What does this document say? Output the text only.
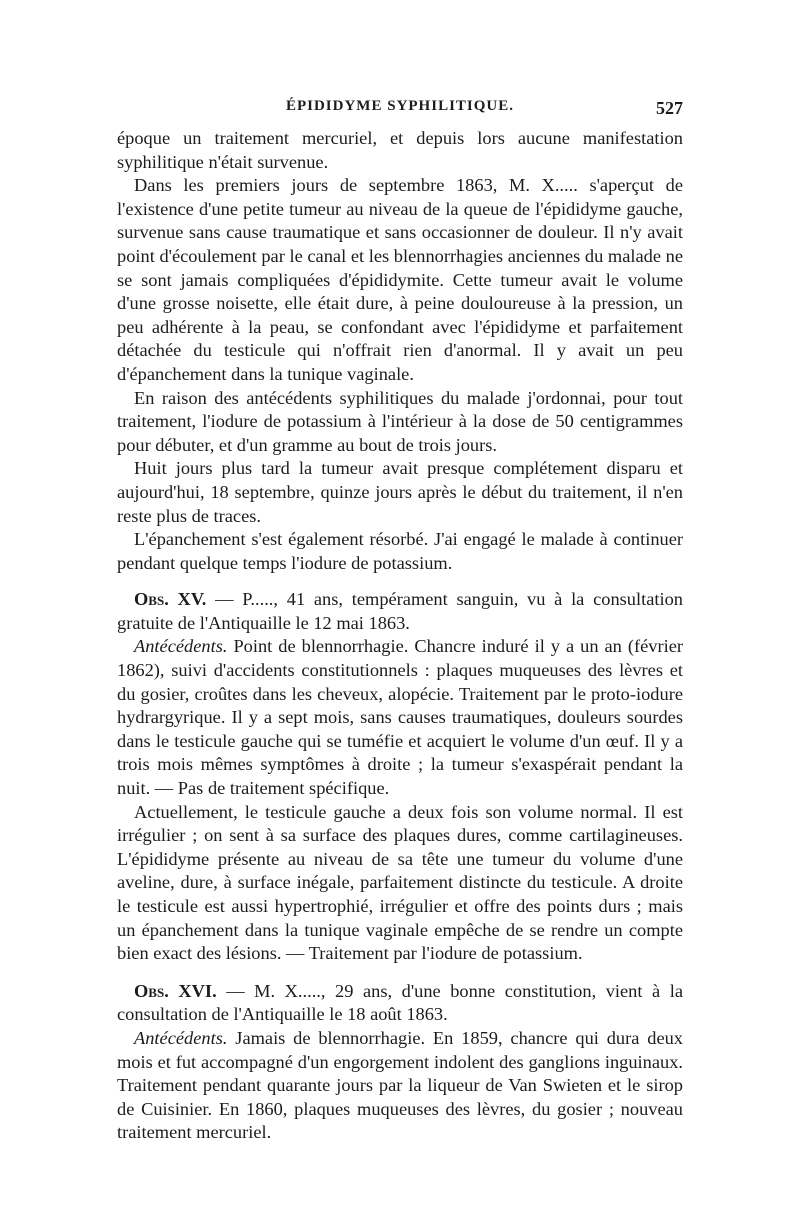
ÉPIDIDYME SYPHILITIQUE.	527

époque un traitement mercuriel, et depuis lors aucune manifestation syphilitique n'était survenue.

Dans les premiers jours de septembre 1863, M. X..... s'aperçut de l'existence d'une petite tumeur au niveau de la queue de l'épididyme gauche, survenue sans cause traumatique et sans occasionner de douleur. Il n'y avait point d'écoulement par le canal et les blennorrhagies anciennes du malade ne se sont jamais compliquées d'épididymite. Cette tumeur avait le volume d'une grosse noisette, elle était dure, à peine douloureuse à la pression, un peu adhérente à la peau, se confondant avec l'épididyme et parfaitement détachée du testicule qui n'offrait rien d'anormal. Il y avait un peu d'épanchement dans la tunique vaginale.

En raison des antécédents syphilitiques du malade j'ordonnai, pour tout traitement, l'iodure de potassium à l'intérieur à la dose de 50 centigrammes pour débuter, et d'un gramme au bout de trois jours.

Huit jours plus tard la tumeur avait presque complétement disparu et aujourd'hui, 18 septembre, quinze jours après le début du traitement, il n'en reste plus de traces.

L'épanchement s'est également résorbé. J'ai engagé le malade à continuer pendant quelque temps l'iodure de potassium.

Obs. XV. — P....., 41 ans, tempérament sanguin, vu à la consultation gratuite de l'Antiquaille le 12 mai 1863.

Antécédents. Point de blennorrhagie. Chancre induré il y a un an (février 1862), suivi d'accidents constitutionnels : plaques muqueuses des lèvres et du gosier, croûtes dans les cheveux, alopécie. Traitement par le proto-iodure hydrargyrique. Il y a sept mois, sans causes traumatiques, douleurs sourdes dans le testicule gauche qui se tuméfie et acquiert le volume d'un œuf. Il y a trois mois mêmes symptômes à droite ; la tumeur s'exaspérait pendant la nuit. — Pas de traitement spécifique.

Actuellement, le testicule gauche a deux fois son volume normal. Il est irrégulier ; on sent à sa surface des plaques dures, comme cartilagineuses. L'épididyme présente au niveau de sa tête une tumeur du volume d'une aveline, dure, à surface inégale, parfaitement distincte du testicule. A droite le testicule est aussi hypertrophié, irrégulier et offre des points durs ; mais un épanchement dans la tunique vaginale empêche de se rendre un compte bien exact des lésions. — Traitement par l'iodure de potassium.

Obs. XVI. — M. X....., 29 ans, d'une bonne constitution, vient à la consultation de l'Antiquaille le 18 août 1863.

Antécédents. Jamais de blennorrhagie. En 1859, chancre qui dura deux mois et fut accompagné d'un engorgement indolent des ganglions inguinaux. Traitement pendant quarante jours par la liqueur de Van Swieten et le sirop de Cuisinier. En 1860, plaques muqueuses des lèvres, du gosier ; nouveau traitement mercuriel.
